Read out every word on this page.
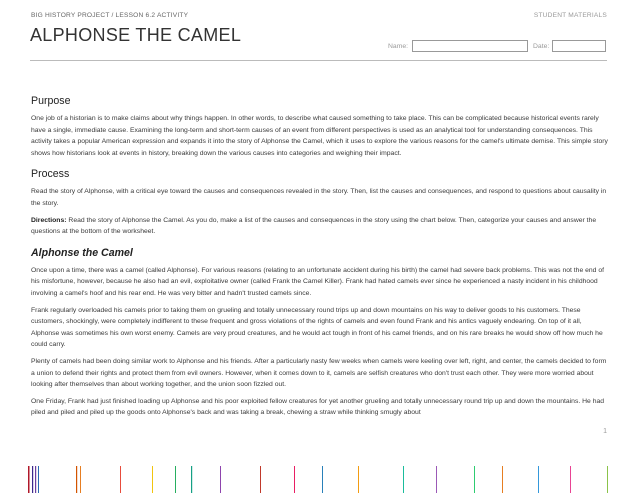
BIG HISTORY PROJECT / LESSON 6.2 ACTIVITY	STUDENT MATERIALS
ALPHONSE THE CAMEL
Name:	Date:
Purpose

One job of a historian is to make claims about why things happen. In other words, to describe what caused something to take place. This can be complicated because historical events rarely have a single, immediate cause. Examining the long-term and short-term causes of an event from different perspectives is used as an analytical tool for understanding consequences. This activity takes a popular American expression and expands it into the story of Alphonse the Camel, which it uses to explore the various reasons for the camel's ultimate demise. This simple story shows how historians look at events in history, breaking down the various causes into categories and weighing their impact.

Process

Read the story of Alphonse, with a critical eye toward the causes and consequences revealed in the story. Then, list the causes and consequences, and respond to questions about causality in the story.

Directions: Read the story of Alphonse the Camel. As you do, make a list of the causes and consequences in the story using the chart below. Then, categorize your causes and answer the questions at the bottom of the worksheet.

Alphonse the Camel

Once upon a time, there was a camel (called Alphonse). For various reasons (relating to an unfortunate accident during his birth) the camel had severe back problems. This was not the end of his misfortune, however, because he also had an evil, exploitative owner (called Frank the Camel Killer). Frank had hated camels ever since he experienced a nasty incident in his childhood involving a camel's hoof and his rear end. He was very bitter and hadn't trusted camels since.

Frank regularly overloaded his camels prior to taking them on grueling and totally unnecessary round trips up and down mountains on his way to deliver goods to his customers. These customers, shockingly, were completely indifferent to these frequent and gross violations of the rights of camels and even found Frank and his antics vaguely endearing. On top of it all, Alphonse was sometimes his own worst enemy. Camels are very proud creatures, and he would act tough in front of his camel friends, and on his rare breaks he would show off how much he could carry.

Plenty of camels had been doing similar work to Alphonse and his friends. After a particularly nasty few weeks when camels were keeling over left, right, and center, the camels decided to form a union to defend their rights and protect them from evil owners. However, when it comes down to it, camels are selfish creatures who don't trust each other. They were more worried about looking after themselves than about working together, and the union soon fizzled out.

One Friday, Frank had just finished loading up Alphonse and his poor exploited fellow creatures for yet another grueling and totally unnecessary round trip up and down the mountains. He had piled and piled and piled up the goods onto Alphonse's back and was taking a break, chewing a straw while thinking smugly about

1
